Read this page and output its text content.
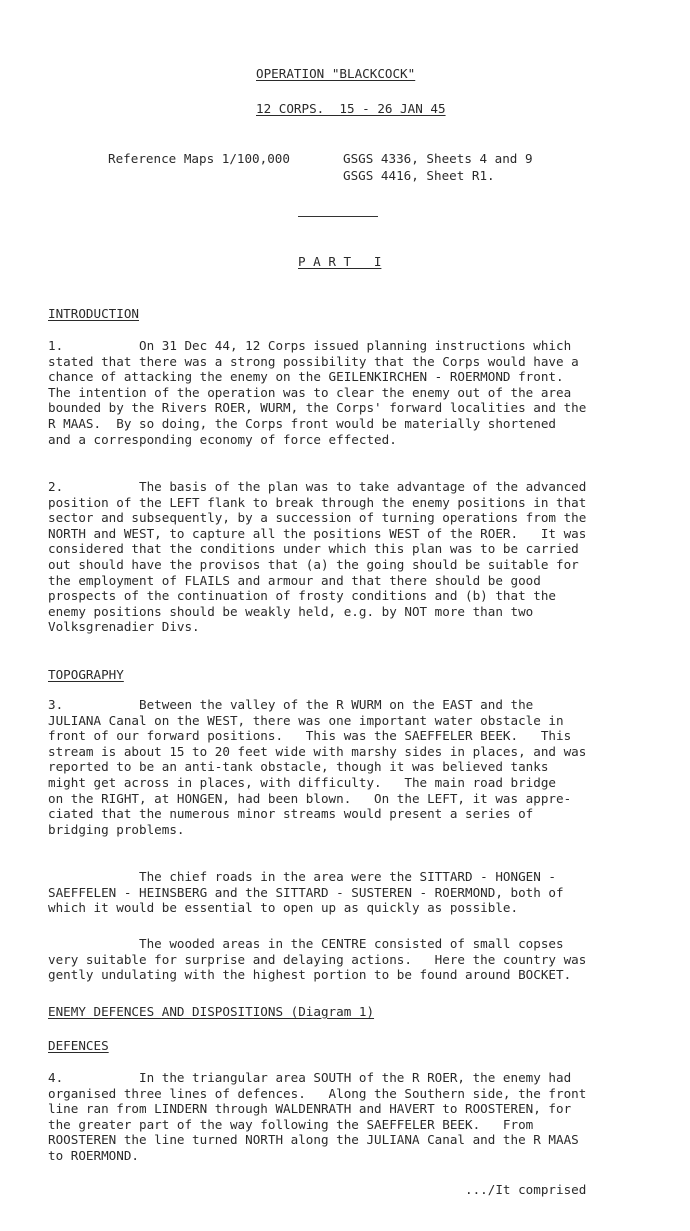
OPERATION "BLACKCOCK"
12 CORPS.  15 - 26 JAN 45
Reference Maps 1/100,000	GSGS 4336, Sheets 4 and 9
GSGS 4416, Sheet R1.
P A R T   I
INTRODUCTION
1.          On 31 Dec 44, 12 Corps issued planning instructions which
stated that there was a strong possibility that the Corps would have a
chance of attacking the enemy on the GEILENKIRCHEN - ROERMOND front.
The intention of the operation was to clear the enemy out of the area
bounded by the Rivers ROER, WURM, the Corps' forward localities and the
R MAAS.  By so doing, the Corps front would be materially shortened
and a corresponding economy of force effected.
2.          The basis of the plan was to take advantage of the advanced
position of the LEFT flank to break through the enemy positions in that
sector and subsequently, by a succession of turning operations from the
NORTH and WEST, to capture all the positions WEST of the ROER.   It was
considered that the conditions under which this plan was to be carried
out should have the provisos that (a) the going should be suitable for
the employment of FLAILS and armour and that there should be good
prospects of the continuation of frosty conditions and (b) that the
enemy positions should be weakly held, e.g. by NOT more than two
Volksgrenadier Divs.
TOPOGRAPHY
3.          Between the valley of the R WURM on the EAST and the
JULIANA Canal on the WEST, there was one important water obstacle in
front of our forward positions.   This was the SAEFFELER BEEK.   This
stream is about 15 to 20 feet wide with marshy sides in places, and was
reported to be an anti-tank obstacle, though it was believed tanks
might get across in places, with difficulty.   The main road bridge
on the RIGHT, at HONGEN, had been blown.   On the LEFT, it was appre-
ciated that the numerous minor streams would present a series of
bridging problems.
The chief roads in the area were the SITTARD - HONGEN -
SAEFFELEN - HEINSBERG and the SITTARD - SUSTEREN - ROERMOND, both of
which it would be essential to open up as quickly as possible.
The wooded areas in the CENTRE consisted of small copses
very suitable for surprise and delaying actions.   Here the country was
gently undulating with the highest portion to be found around BOCKET.
ENEMY DEFENCES AND DISPOSITIONS (Diagram 1)
DEFENCES
4.          In the triangular area SOUTH of the R ROER, the enemy had
organised three lines of defences.   Along the Southern side, the front
line ran from LINDERN through WALDENRATH and HAVERT to ROOSTEREN, for
the greater part of the way following the SAEFFELER BEEK.   From
ROOSTEREN the line turned NORTH along the JULIANA Canal and the R MAAS
to ROERMOND.
.../It comprised
